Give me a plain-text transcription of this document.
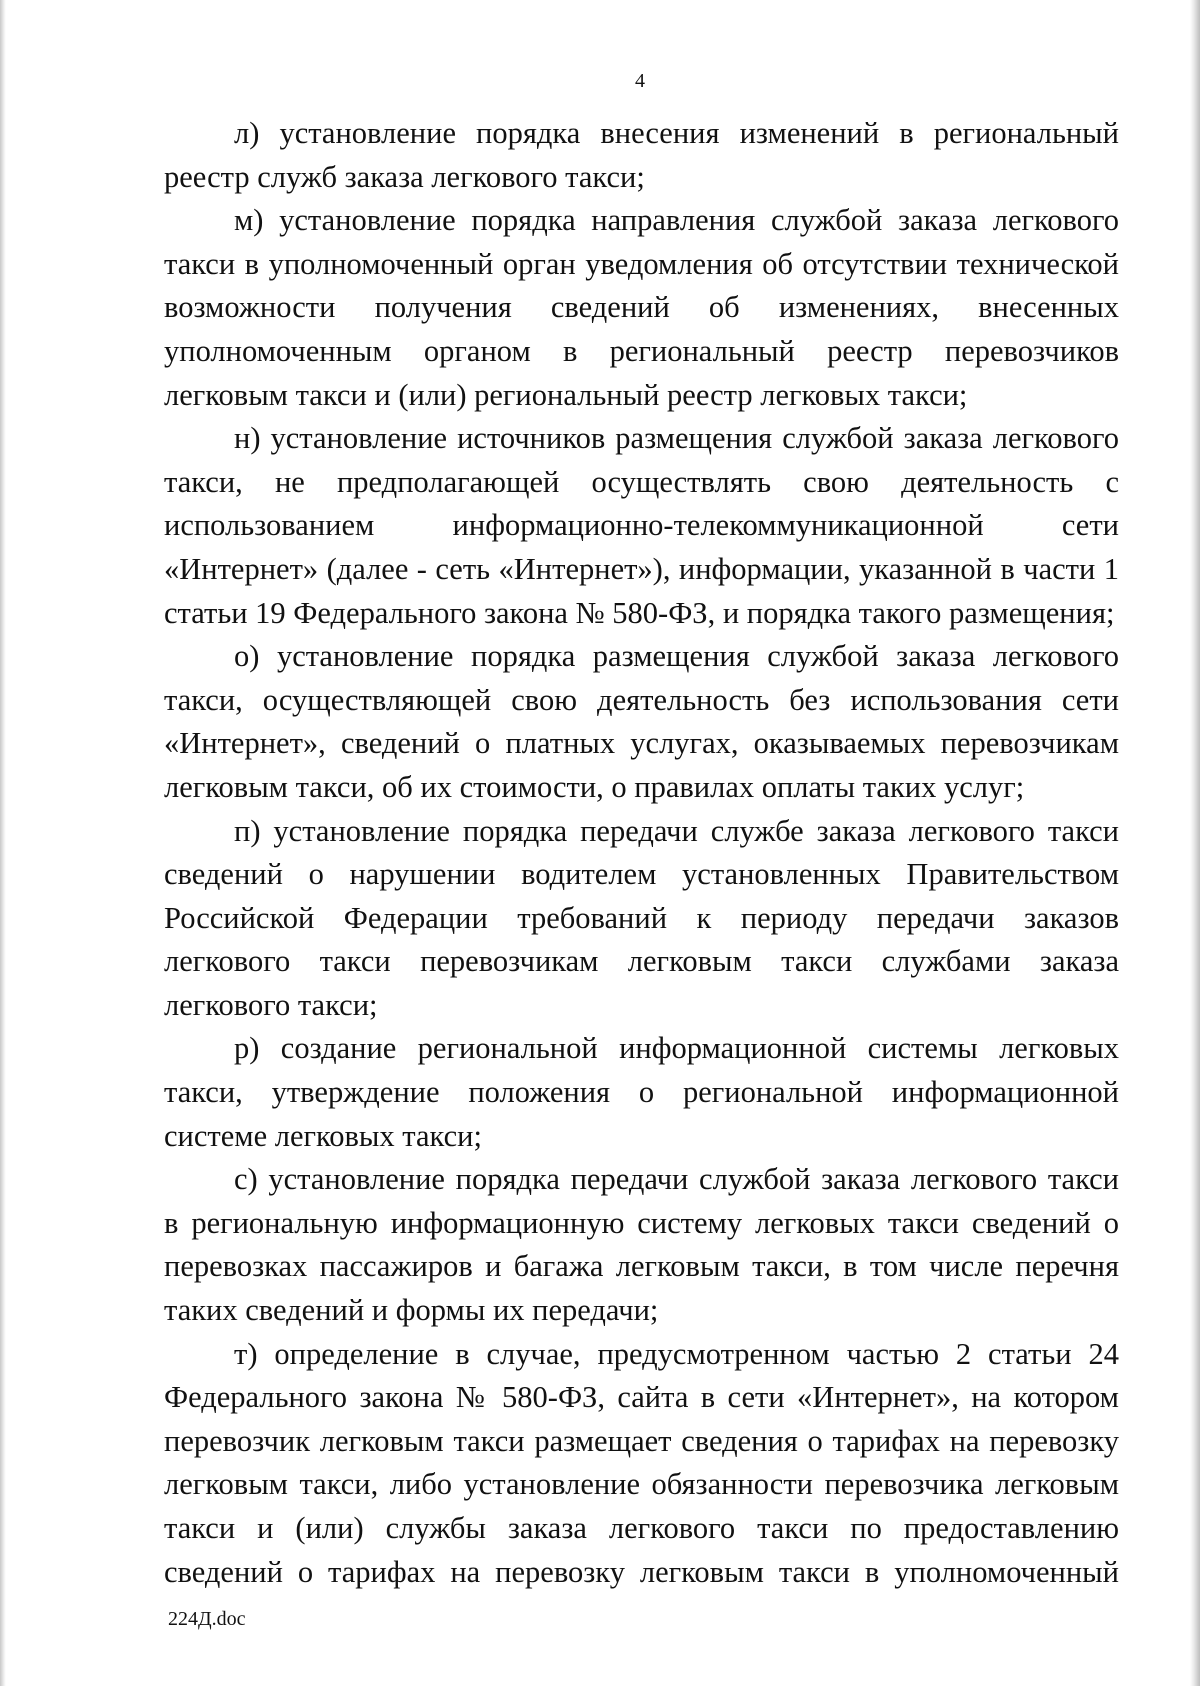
4

л) установление порядка внесения изменений в региональный реестр служб заказа легкового такси;

м) установление порядка направления службой заказа легкового такси в уполномоченный орган уведомления об отсутствии технической возможности получения сведений об изменениях, внесенных уполномоченным органом в региональный реестр перевозчиков легковым такси и (или) региональный реестр легковых такси;

н) установление источников размещения службой заказа легкового такси, не предполагающей осуществлять свою деятельность с использованием информационно-телекоммуникационной сети «Интернет» (далее - сеть «Интернет»), информации, указанной в части 1 статьи 19 Федерального закона № 580-ФЗ, и порядка такого размещения;

о) установление порядка размещения службой заказа легкового такси, осуществляющей свою деятельность без использования сети «Интернет», сведений о платных услугах, оказываемых перевозчикам легковым такси, об их стоимости, о правилах оплаты таких услуг;

п) установление порядка передачи службе заказа легкового такси сведений о нарушении водителем установленных Правительством Российской Федерации требований к периоду передачи заказов легкового такси перевозчикам легковым такси службами заказа легкового такси;

р) создание региональной информационной системы легковых такси, утверждение положения о региональной информационной системе легковых такси;

с) установление порядка передачи службой заказа легкового такси в региональную информационную систему легковых такси сведений о перевозках пассажиров и багажа легковым такси, в том числе перечня таких сведений и формы их передачи;

т) определение в случае, предусмотренном частью 2 статьи 24 Федерального закона № 580-ФЗ, сайта в сети «Интернет», на котором перевозчик легковым такси размещает сведения о тарифах на перевозку легковым такси, либо установление обязанности перевозчика легковым такси и (или) службы заказа легкового такси по предоставлению сведений о тарифах на перевозку легковым такси в уполномоченный

224Д.doc
